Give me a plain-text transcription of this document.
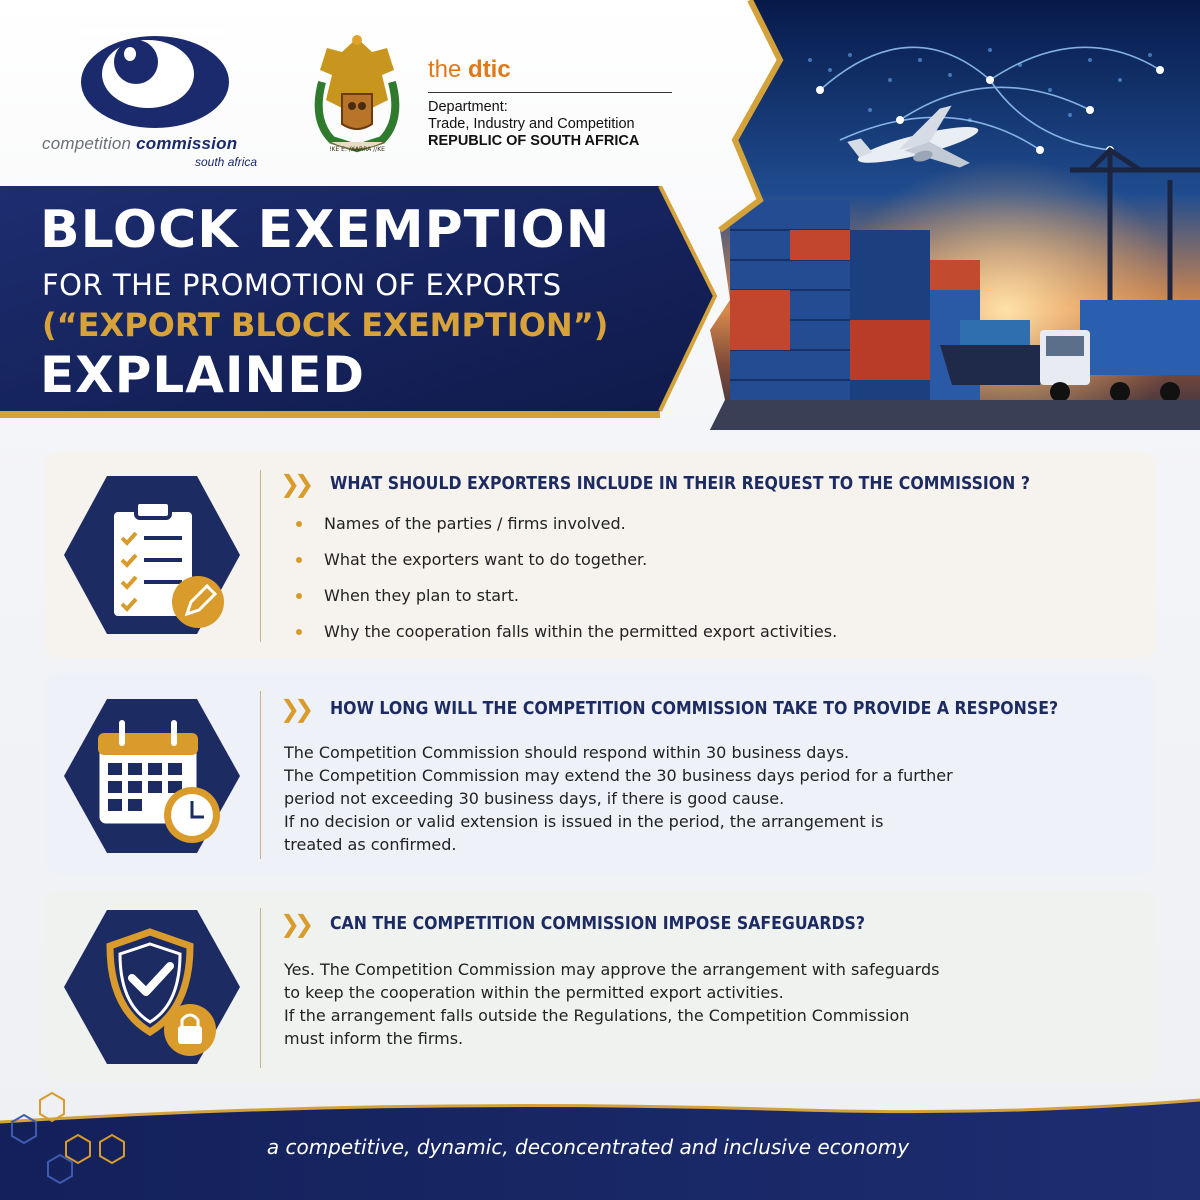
competition commission
south africa
!KE E: /XARRA //KE
the dtic
Department:
Trade, Industry and Competition
REPUBLIC OF SOUTH AFRICA
BLOCK EXEMPTION
FOR THE PROMOTION OF EXPORTS
(“EXPORT BLOCK EXEMPTION”)
EXPLAINED
❯❯ WHAT SHOULD EXPORTERS INCLUDE IN THEIR REQUEST TO THE COMMISSION ?
Names of the parties / firms involved.
What the exporters want to do together.
When they plan to start.
Why the cooperation falls within the permitted export activities.
❯❯ HOW LONG WILL THE COMPETITION COMMISSION TAKE TO PROVIDE A RESPONSE?
The Competition Commission should respond within 30 business days.
The Competition Commission may extend the 30 business days period for a further
period not exceeding 30 business days, if there is good cause.
If no decision or valid extension is issued in the period, the arrangement is
treated as confirmed.
❯❯ CAN THE COMPETITION COMMISSION IMPOSE SAFEGUARDS?
Yes. The Competition Commission may approve the arrangement with safeguards
to keep the cooperation within the permitted export activities.
If the arrangement falls outside the Regulations, the Competition Commission
must inform the firms.
a competitive, dynamic, deconcentrated and inclusive economy
